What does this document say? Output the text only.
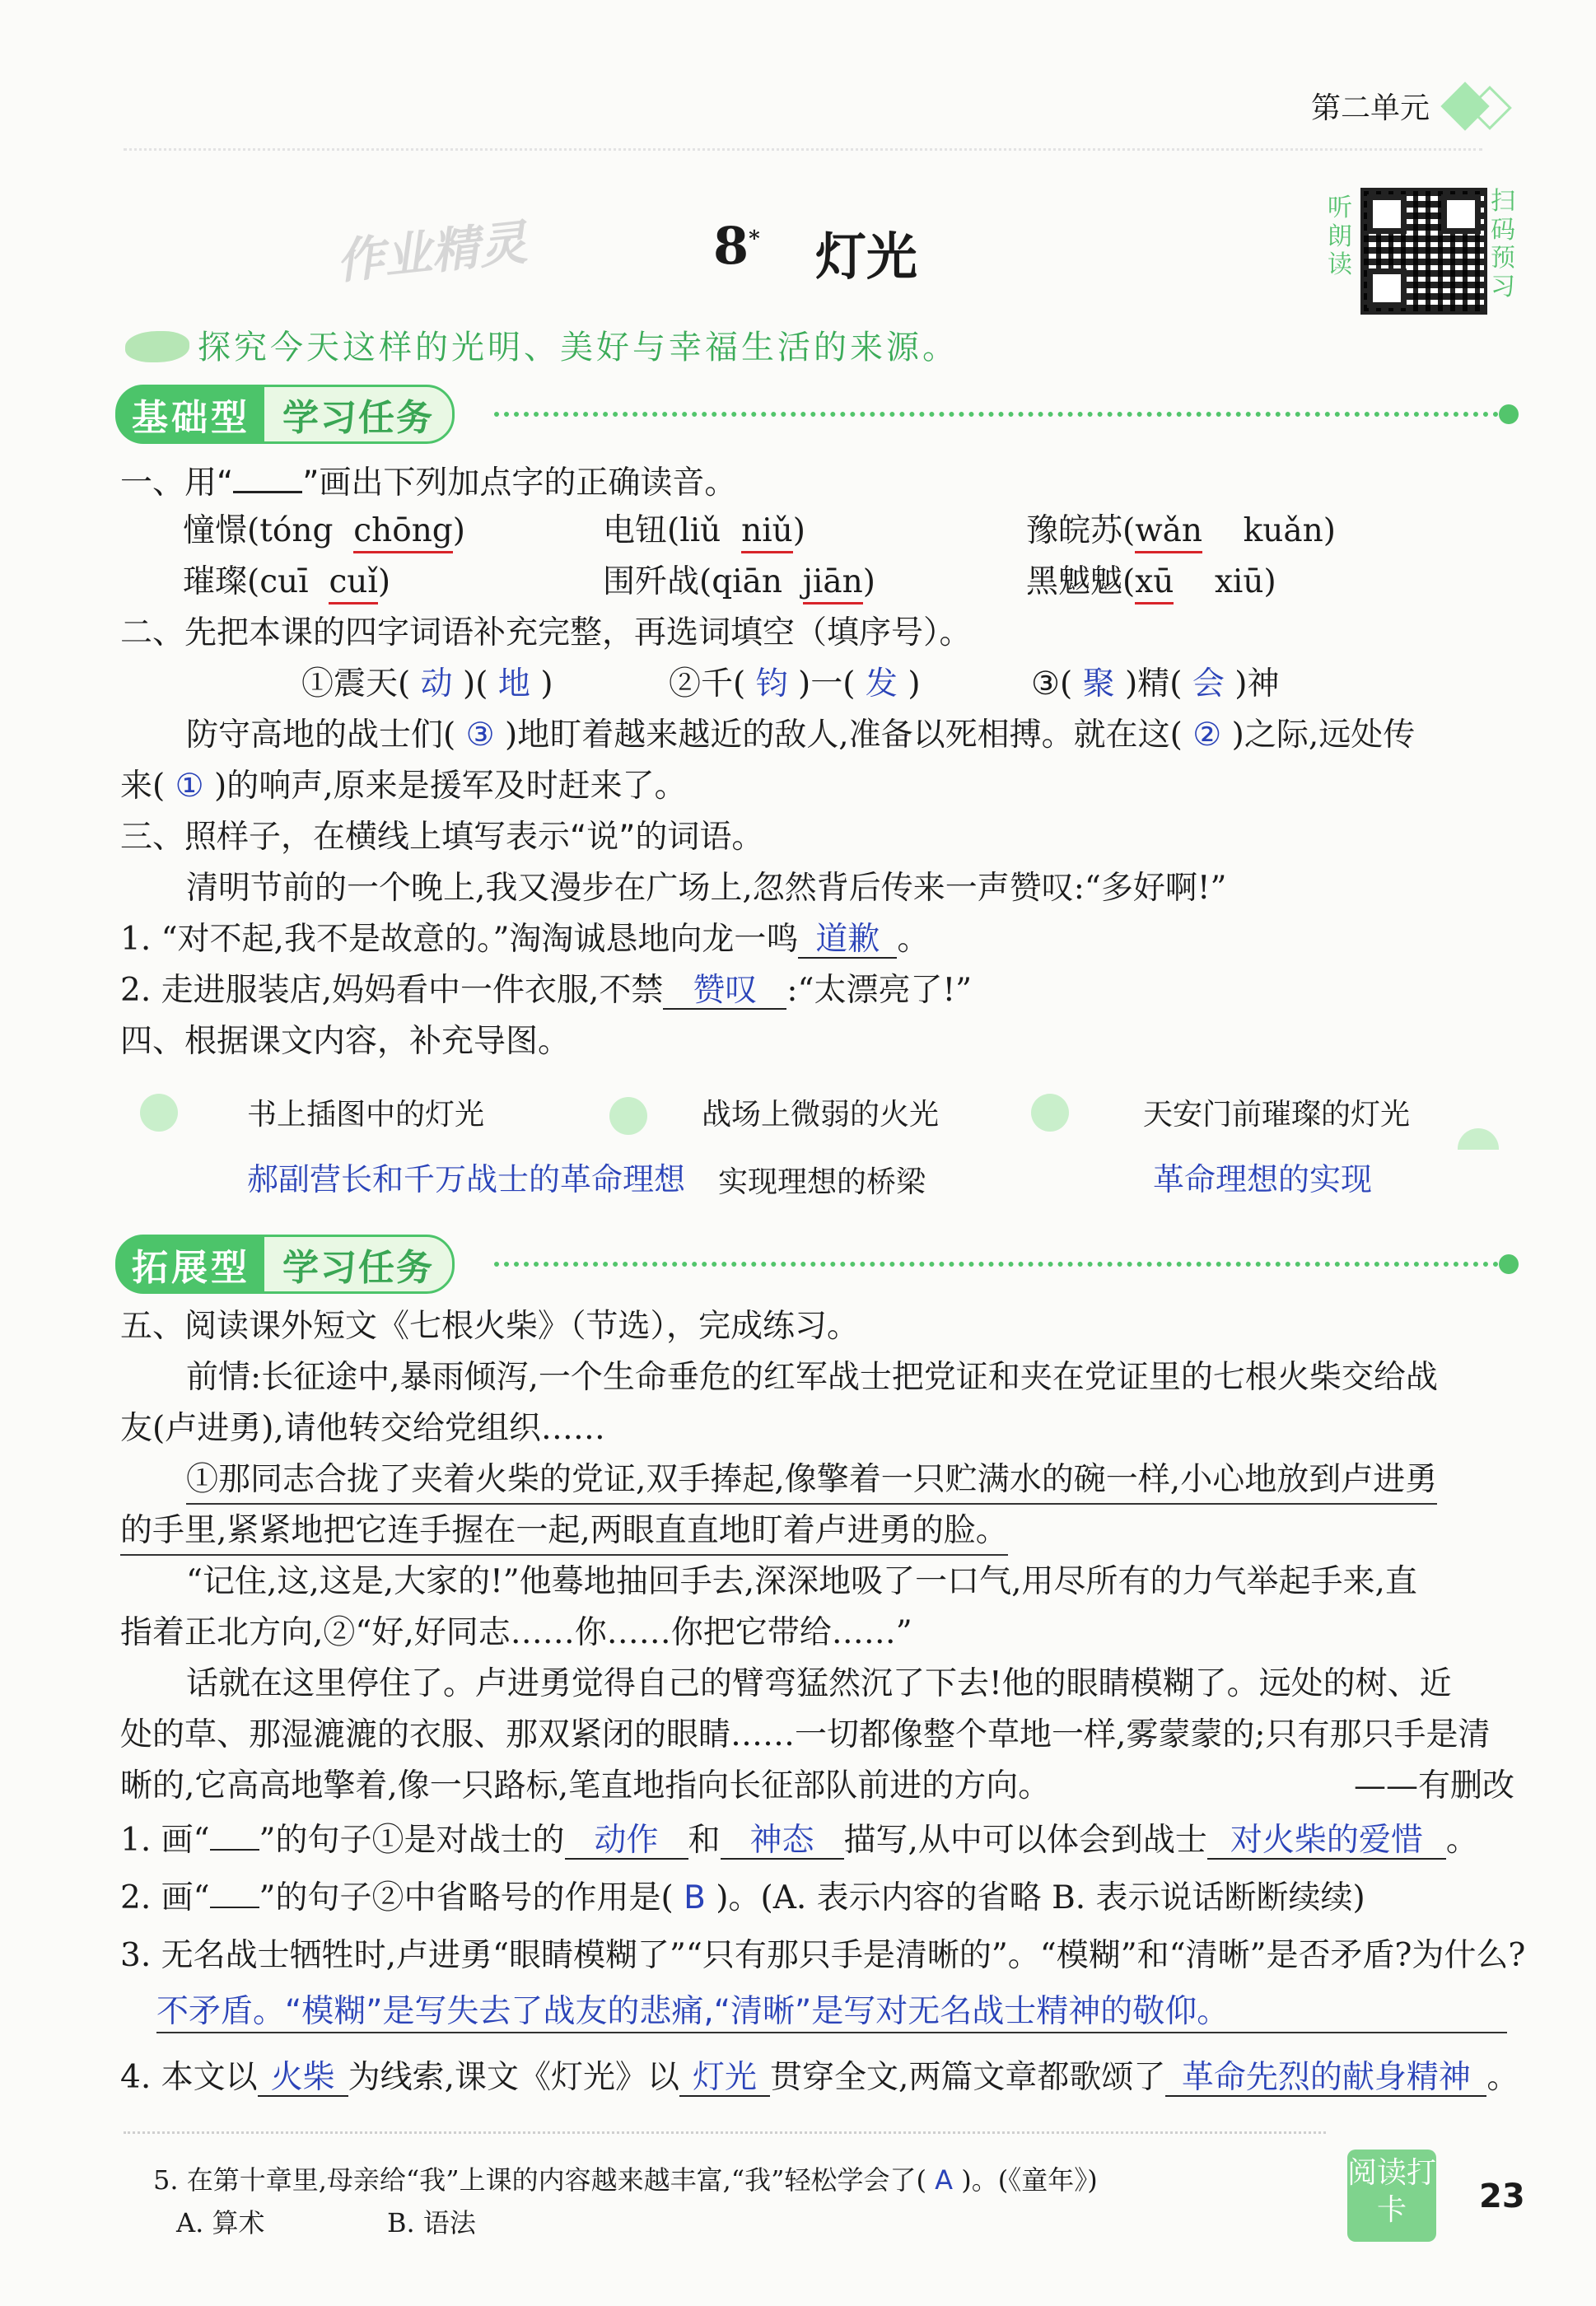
第二单元
作业精灵	8* 灯光
听朗读
扫码预习
探究今天这样的光明、美好与幸福生活的来源。
基础型 学习任务
一、用“ ”画出下列加点字的正确读音。
憧憬(tóng chōng)	电钮(liǔ niǔ)	豫皖苏(wǎn kuǎn)
璀璨(cuī cuǐ)	围歼战(qiān jiān)	黑魆魆(xū xiū)
二、先把本课的四字词语补充完整，再选词填空（填序号）。
①震天( 动 )( 地 )	②千( 钧 )一( 发 )	③( 聚 )精( 会 )神
防守高地的战士们( ③ )地盯着越来越近的敌人,准备以死相搏。就在这( ② )之际,远处传
来( ① )的响声,原来是援军及时赶来了。
三、照样子，在横线上填写表示“说”的词语。
清明节前的一个晚上,我又漫步在广场上,忽然背后传来一声赞叹:“多好啊!”
1. “对不起,我不是故意的。”淘淘诚恳地向龙一鸣 道歉 。
2. 走进服装店,妈妈看中一件衣服,不禁 赞叹 :“太漂亮了!”
四、根据课文内容，补充导图。
书上插图中的灯光	战场上微弱的火光	天安门前璀璨的灯光
郝副营长和千万战士的革命理想 实现理想的桥梁	革命理想的实现
拓展型 学习任务
五、阅读课外短文《七根火柴》（节选），完成练习。
前情:长征途中,暴雨倾泻,一个生命垂危的红军战士把党证和夹在党证里的七根火柴交给战
友(卢进勇),请他转交给党组织……
①那同志合拢了夹着火柴的党证,双手捧起,像擎着一只贮满水的碗一样,小心地放到卢进勇
的手里,紧紧地把它连手握在一起,两眼直直地盯着卢进勇的脸。
“记住,这,这是,大家的!”他蓦地抽回手去,深深地吸了一口气,用尽所有的力气举起手来,直
指着正北方向,②“好,好同志……你……你把它带给……”
话就在这里停住了。卢进勇觉得自己的臂弯猛然沉了下去!他的眼睛模糊了。远处的树、近
处的草、那湿漉漉的衣服、那双紧闭的眼睛……一切都像整个草地一样,雾蒙蒙的;只有那只手是清
晰的,它高高地擎着,像一只路标,笔直地指向长征部队前进的方向。	——有删改
1. 画“ ”的句子①是对战士的 动作 和 神态 描写,从中可以体会到战士 对火柴的爱惜 。
2. 画“ ”的句子②中省略号的作用是( B )。(A. 表示内容的省略 B. 表示说话断断续续)
3. 无名战士牺牲时,卢进勇“眼睛模糊了”“只有那只手是清晰的”。“模糊”和“清晰”是否矛盾?为什么?
不矛盾。“模糊”是写失去了战友的悲痛,“清晰”是写对无名战士精神的敬仰。
4. 本文以 火柴 为线索,课文《灯光》以 灯光 贯穿全文,两篇文章都歌颂了 革命先烈的献身精神 。
5. 在第十章里,母亲给“我”上课的内容越来越丰富,“我”轻松学会了( A )。(《童年》)
A. 算术	B. 语法
阅读打卡	23
